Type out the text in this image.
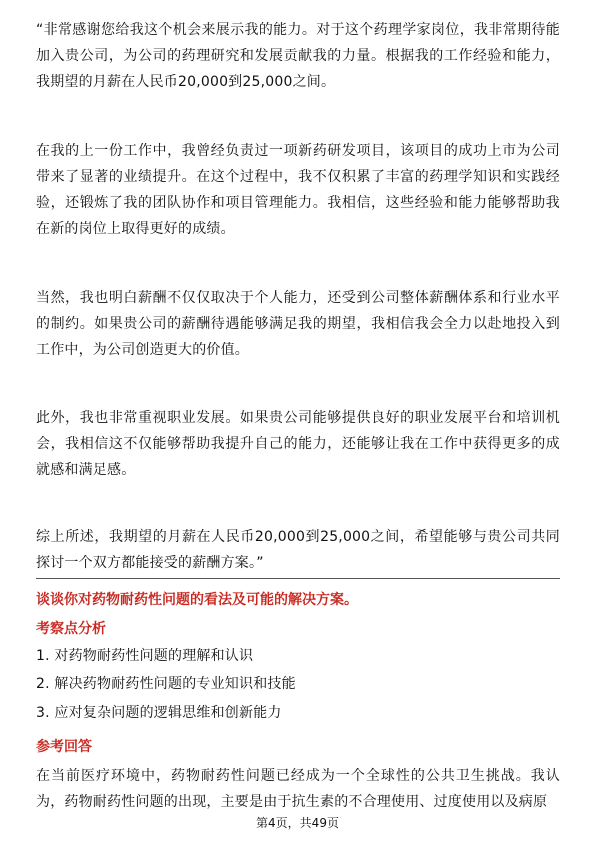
“非常感谢您给我这个机会来展示我的能力。对于这个药理学家岗位，我非常期待能加入贵公司，为公司的药理研究和发展贡献我的力量。根据我的工作经验和能力，我期望的月薪在人民币20,000到25,000之间。

在我的上一份工作中，我曾经负责过一项新药研发项目，该项目的成功上市为公司带来了显著的业绩提升。在这个过程中，我不仅积累了丰富的药理学知识和实践经验，还锻炼了我的团队协作和项目管理能力。我相信，这些经验和能力能够帮助我在新的岗位上取得更好的成绩。

当然，我也明白薪酬不仅仅取决于个人能力，还受到公司整体薪酬体系和行业水平的制约。如果贵公司的薪酬待遇能够满足我的期望，我相信我会全力以赴地投入到工作中，为公司创造更大的价值。

此外，我也非常重视职业发展。如果贵公司能够提供良好的职业发展平台和培训机会，我相信这不仅能够帮助我提升自己的能力，还能够让我在工作中获得更多的成就感和满足感。

综上所述，我期望的月薪在人民币20,000到25,000之间，希望能够与贵公司共同探讨一个双方都能接受的薪酬方案。”

谈谈你对药物耐药性问题的看法及可能的解决方案。

考察点分析

1. 对药物耐药性问题的理解和认识

2. 解决药物耐药性问题的专业知识和技能

3. 应对复杂问题的逻辑思维和创新能力

参考回答

在当前医疗环境中，药物耐药性问题已经成为一个全球性的公共卫生挑战。我认为，药物耐药性问题的出现，主要是由于抗生素的不合理使用、过度使用以及病原

第4页，共49页
